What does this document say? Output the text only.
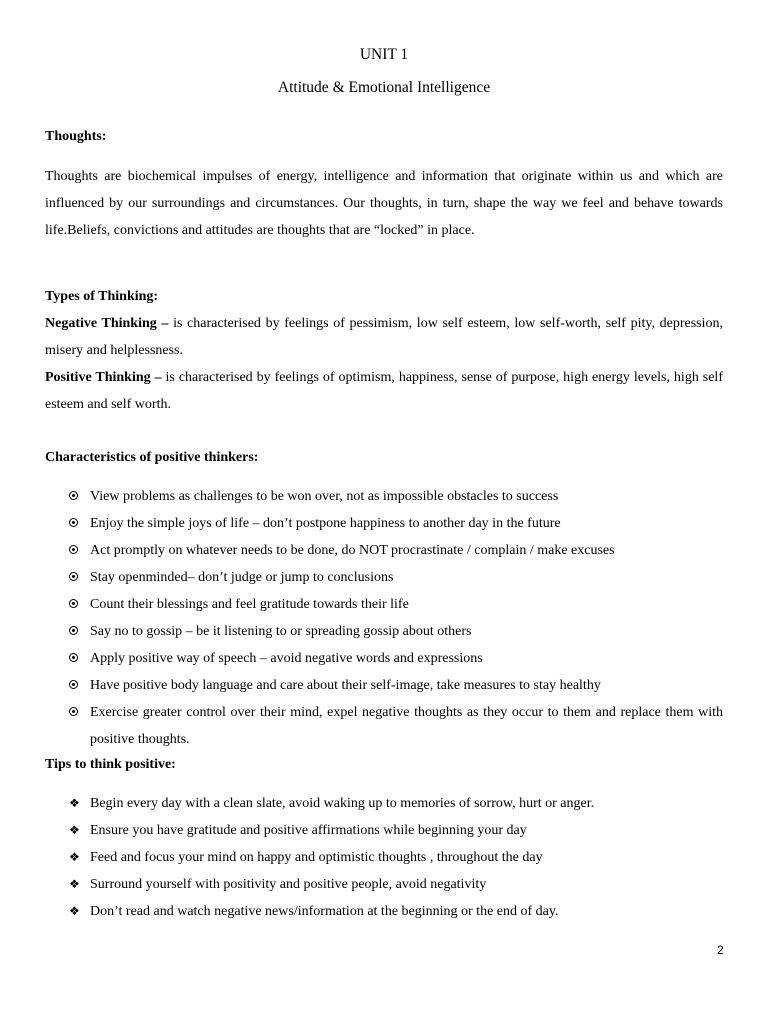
UNIT 1
Attitude & Emotional Intelligence
Thoughts:
Thoughts are biochemical impulses of energy, intelligence and information that originate within us and which are influenced by our surroundings and circumstances. Our thoughts, in turn, shape the way we feel and behave towards life.Beliefs, convictions and attitudes are thoughts that are “locked” in place.
Types of Thinking:
Negative Thinking – is characterised by feelings of pessimism, low self esteem, low self-worth, self pity, depression, misery and helplessness.
Positive Thinking – is characterised by feelings of optimism, happiness, sense of purpose, high energy levels, high self esteem and self worth.
Characteristics of positive thinkers:
View problems as challenges to be won over, not as impossible obstacles to success
Enjoy the simple joys of life – don’t postpone happiness to another day in the future
Act promptly on whatever needs to be done, do NOT procrastinate / complain / make excuses
Stay openminded– don’t judge or jump to conclusions
Count their blessings and feel gratitude towards their life
Say no to gossip – be it listening to or spreading gossip about others
Apply positive way of speech – avoid negative words and expressions
Have positive body language and care about their self-image, take measures to stay healthy
Exercise greater control over their mind, expel negative thoughts as they occur to them and replace them with positive thoughts.
Tips to think positive:
❖ Begin every day with a clean slate, avoid waking up to memories of sorrow, hurt or anger.
❖ Ensure you have gratitude and positive affirmations while beginning your day
❖ Feed and focus your mind on happy and optimistic thoughts , throughout the day
❖ Surround yourself with positivity and positive people, avoid negativity
❖ Don’t read and watch negative news/information at the beginning or the end of day.
2
